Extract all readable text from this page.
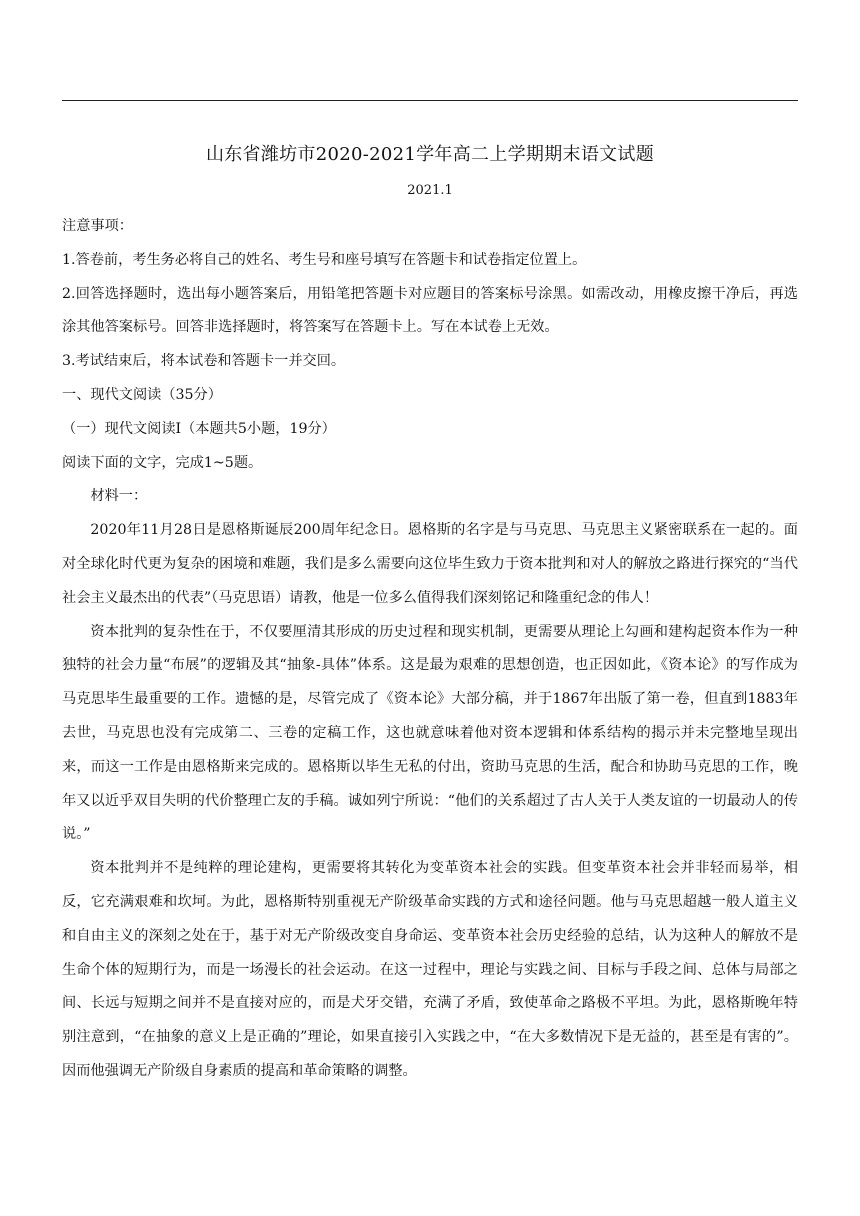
山东省潍坊市2020-2021学年高二上学期期末语文试题
2021.1

注意事项：

1.答卷前，考生务必将自己的姓名、考生号和座号填写在答题卡和试卷指定位置上。

2.回答选择题时，选出每小题答案后，用铅笔把答题卡对应题目的答案标号涂黑。如需改动，用橡皮擦干净后，再选涂其他答案标号。回答非选择题时，将答案写在答题卡上。写在本试卷上无效。

3.考试结束后，将本试卷和答题卡一并交回。

一、现代文阅读（35分）

（一）现代文阅读Ⅰ（本题共5小题，19分）

阅读下面的文字，完成1~5题。

材料一：

2020年11月28日是恩格斯诞辰200周年纪念日。恩格斯的名字是与马克思、马克思主义紧密联系在一起的。面对全球化时代更为复杂的困境和难题，我们是多么需要向这位毕生致力于资本批判和对人的解放之路进行探究的“当代社会主义最杰出的代表”（马克思语）请教，他是一位多么值得我们深刻铭记和隆重纪念的伟人！

资本批判的复杂性在于，不仅要厘清其形成的历史过程和现实机制，更需要从理论上勾画和建构起资本作为一种独特的社会力量“布展”的逻辑及其“抽象-具体”体系。这是最为艰难的思想创造，也正因如此，《资本论》的写作成为马克思毕生最重要的工作。遗憾的是，尽管完成了《资本论》大部分稿，并于1867年出版了第一卷，但直到1883年去世，马克思也没有完成第二、三卷的定稿工作，这也就意味着他对资本逻辑和体系结构的揭示并未完整地呈现出来，而这一工作是由恩格斯来完成的。恩格斯以毕生无私的付出，资助马克思的生活，配合和协助马克思的工作，晚年又以近乎双目失明的代价整理亡友的手稿。诚如列宁所说：“他们的关系超过了古人关于人类友谊的一切最动人的传说。”

资本批判并不是纯粹的理论建构，更需要将其转化为变革资本社会的实践。但变革资本社会并非轻而易举，相反，它充满艰难和坎坷。为此，恩格斯特别重视无产阶级革命实践的方式和途径问题。他与马克思超越一般人道主义和自由主义的深刻之处在于，基于对无产阶级改变自身命运、变革资本社会历史经验的总结，认为这种人的解放不是生命个体的短期行为，而是一场漫长的社会运动。在这一过程中，理论与实践之间、目标与手段之间、总体与局部之间、长远与短期之间并不是直接对应的，而是犬牙交错，充满了矛盾，致使革命之路极不平坦。为此，恩格斯晚年特别注意到，“在抽象的意义上是正确的”理论，如果直接引入实践之中，“在大多数情况下是无益的，甚至是有害的”。因而他强调无产阶级自身素质的提高和革命策略的调整。
